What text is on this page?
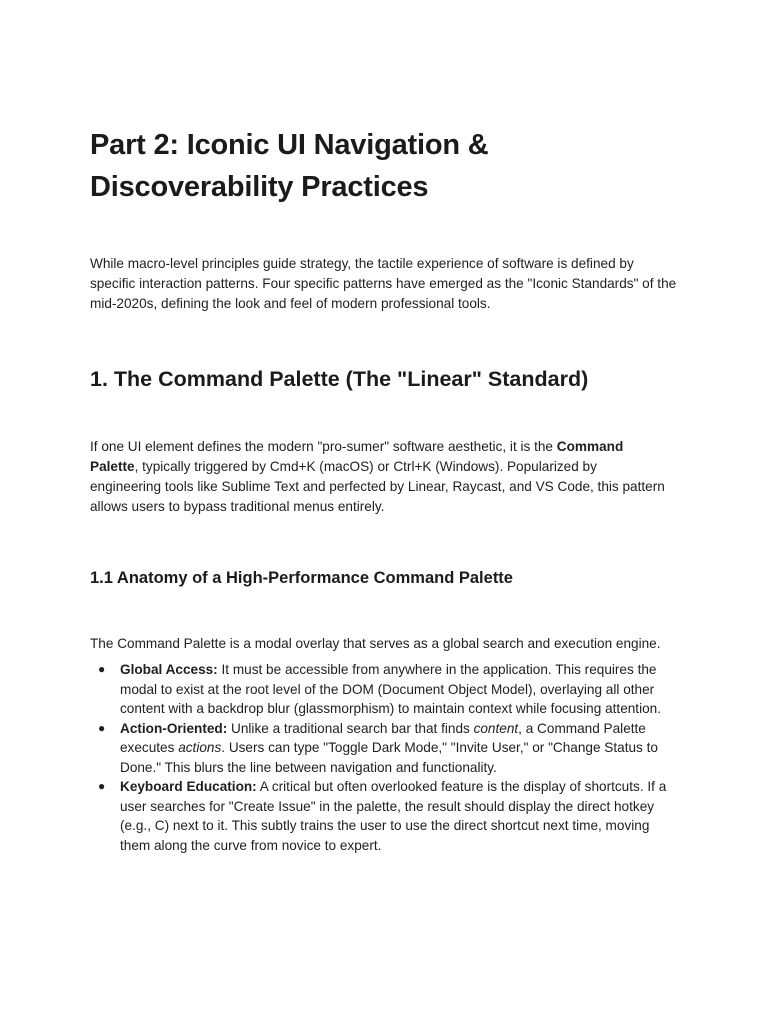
Part 2: Iconic UI Navigation & Discoverability Practices

While macro-level principles guide strategy, the tactile experience of software is defined by specific interaction patterns. Four specific patterns have emerged as the "Iconic Standards" of the mid-2020s, defining the look and feel of modern professional tools.

1. The Command Palette (The "Linear" Standard)

If one UI element defines the modern "pro-sumer" software aesthetic, it is the Command Palette, typically triggered by Cmd+K (macOS) or Ctrl+K (Windows). Popularized by engineering tools like Sublime Text and perfected by Linear, Raycast, and VS Code, this pattern allows users to bypass traditional menus entirely.

1.1 Anatomy of a High-Performance Command Palette

The Command Palette is a modal overlay that serves as a global search and execution engine.

● Global Access: It must be accessible from anywhere in the application. This requires the modal to exist at the root level of the DOM (Document Object Model), overlaying all other content with a backdrop blur (glassmorphism) to maintain context while focusing attention.
● Action-Oriented: Unlike a traditional search bar that finds content, a Command Palette executes actions. Users can type "Toggle Dark Mode," "Invite User," or "Change Status to Done." This blurs the line between navigation and functionality.
● Keyboard Education: A critical but often overlooked feature is the display of shortcuts. If a user searches for "Create Issue" in the palette, the result should display the direct hotkey (e.g., C) next to it. This subtly trains the user to use the direct shortcut next time, moving them along the curve from novice to expert.
